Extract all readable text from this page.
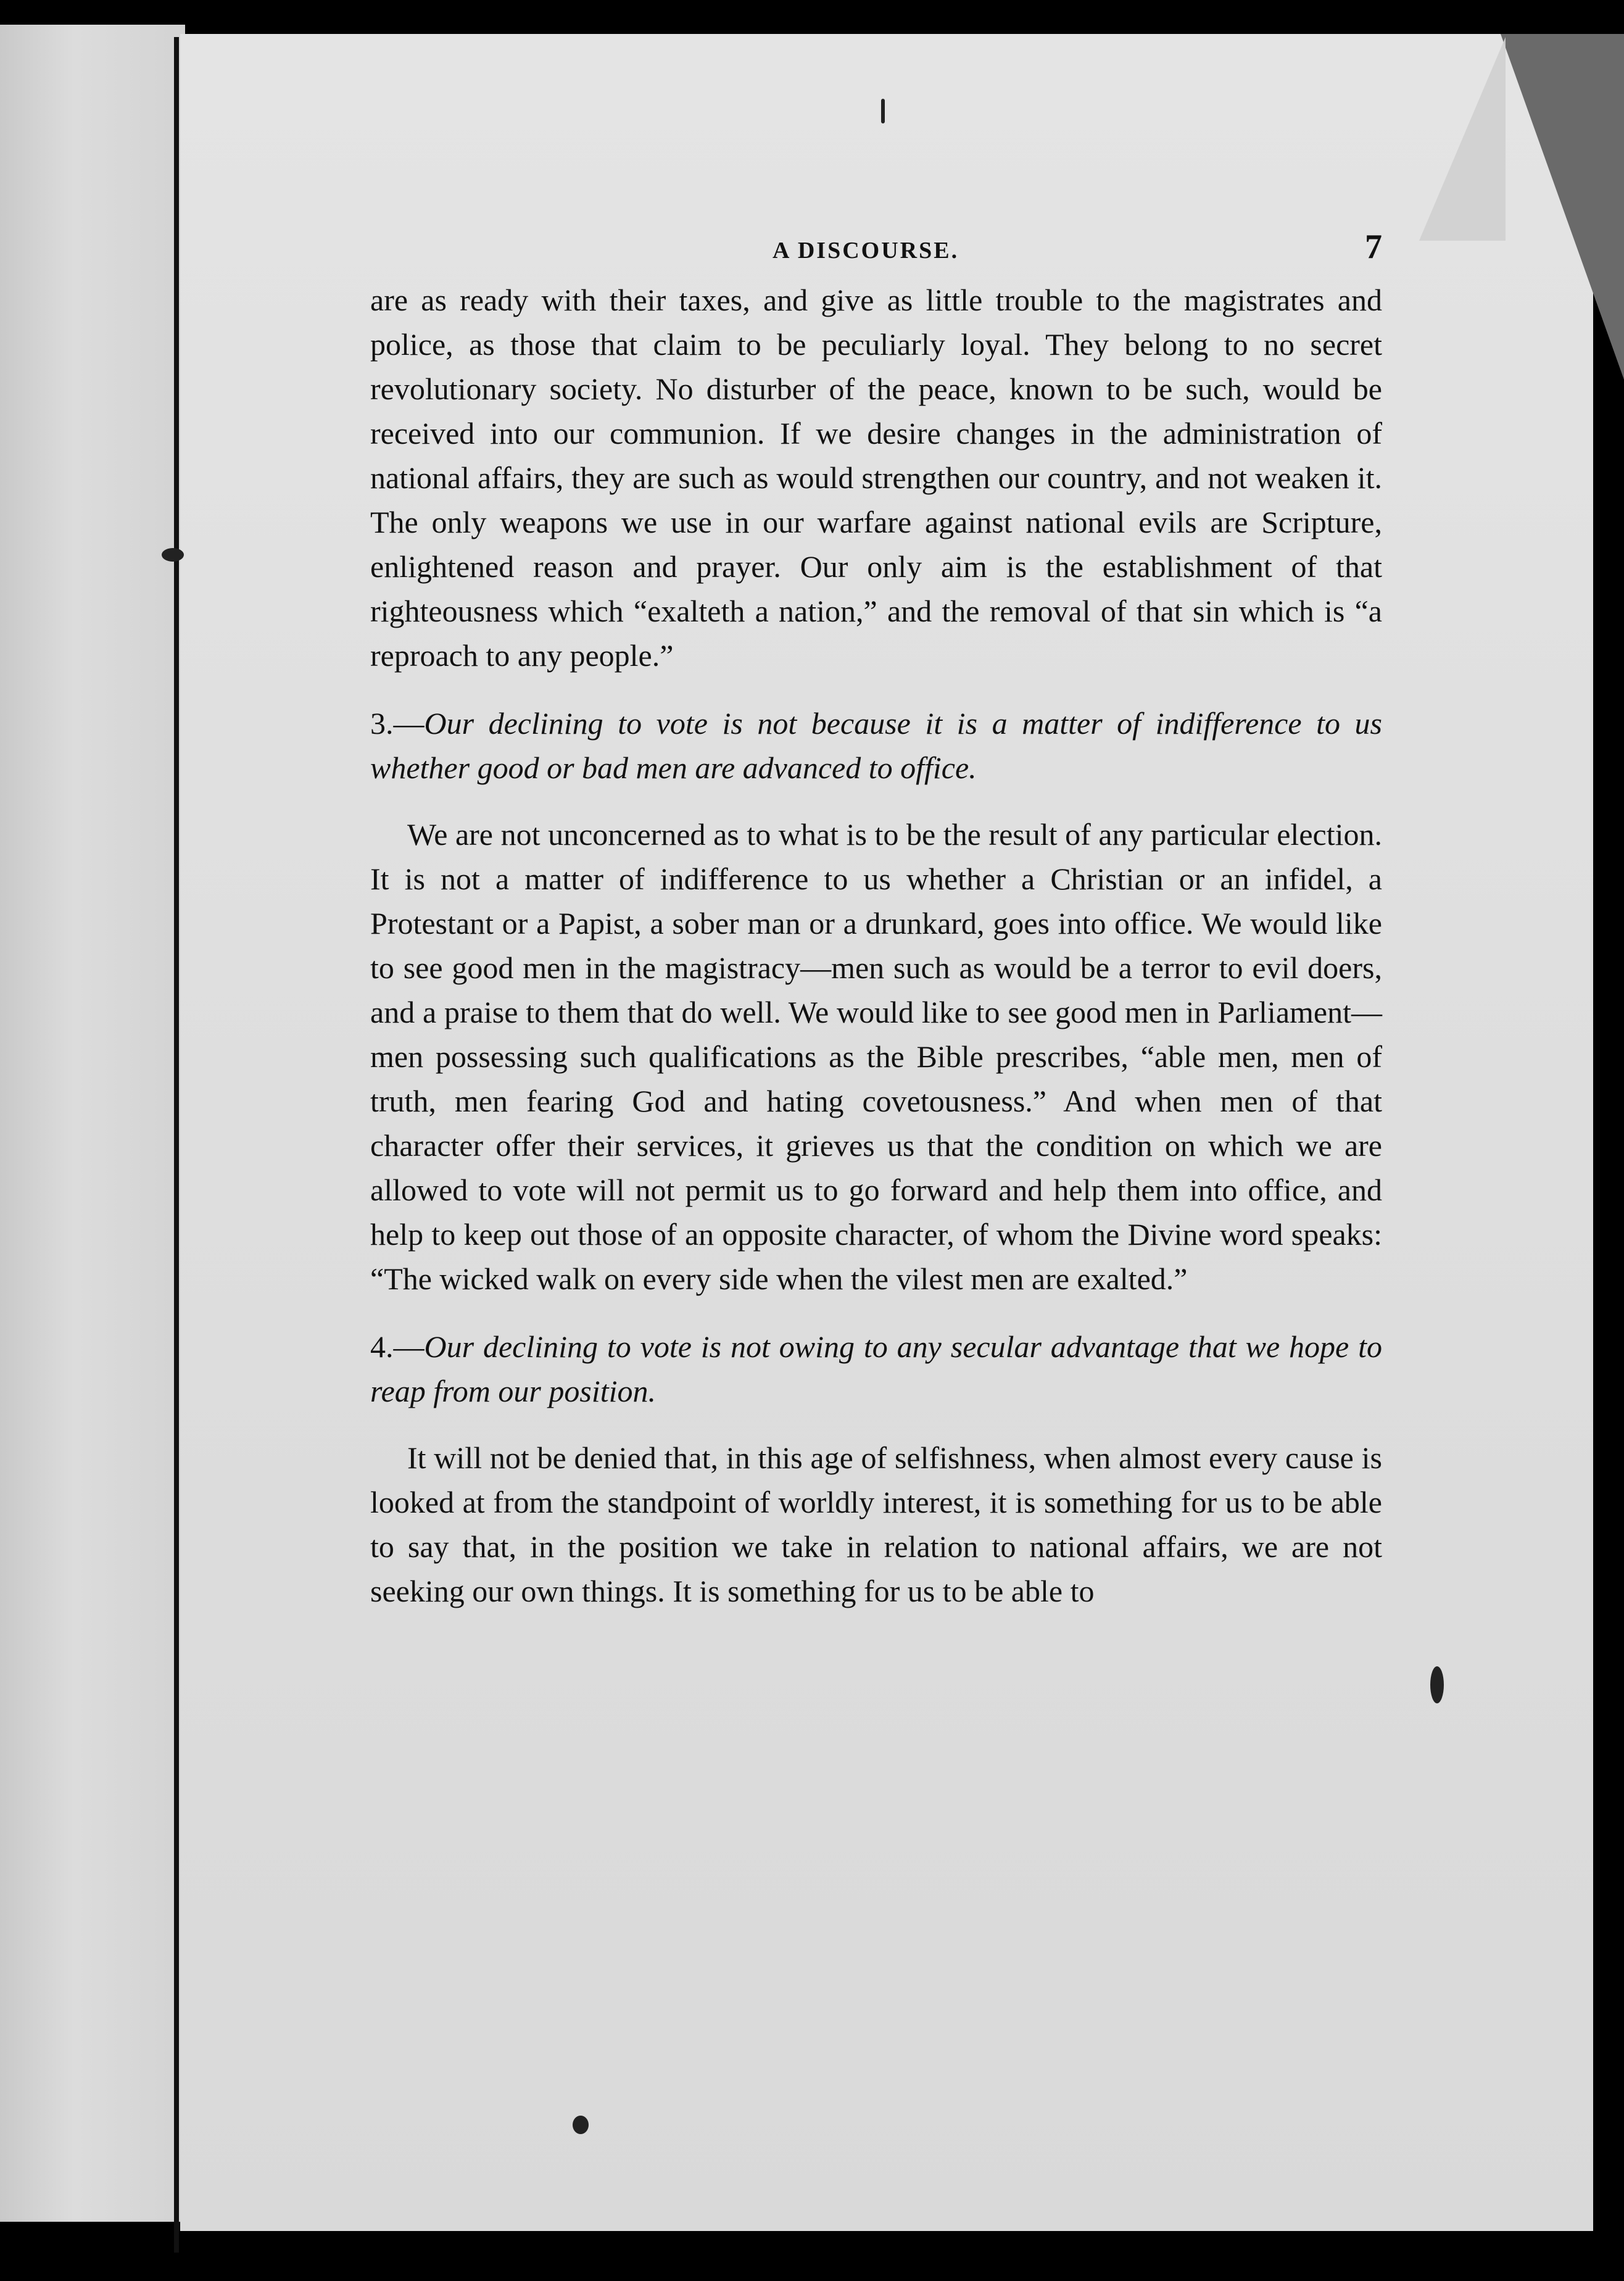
A DISCOURSE.	7

are as ready with their taxes, and give as little trouble to the magistrates and police, as those that claim to be peculiarly loyal. They belong to no secret revolutionary society. No disturber of the peace, known to be such, would be received into our communion. If we desire changes in the administration of national affairs, they are such as would strengthen our country, and not weaken it. The only weapons we use in our warfare against national evils are Scripture, enlightened reason and prayer. Our only aim is the establishment of that righteousness which “exalteth a nation,” and the removal of that sin which is “a reproach to any people.”

3.—Our declining to vote is not because it is a matter of indifference to us whether good or bad men are advanced to office.

We are not unconcerned as to what is to be the result of any particular election. It is not a matter of indifference to us whether a Christian or an infidel, a Protestant or a Papist, a sober man or a drunkard, goes into office. We would like to see good men in the magistracy—men such as would be a terror to evil doers, and a praise to them that do well. We would like to see good men in Parliament—men possessing such qualifications as the Bible prescribes, “able men, men of truth, men fearing God and hating covetousness.” And when men of that character offer their services, it grieves us that the condition on which we are allowed to vote will not permit us to go forward and help them into office, and help to keep out those of an opposite character, of whom the Divine word speaks: “The wicked walk on every side when the vilest men are exalted.”

4.—Our declining to vote is not owing to any secular advantage that we hope to reap from our position.

It will not be denied that, in this age of selfishness, when almost every cause is looked at from the standpoint of worldly interest, it is something for us to be able to say that, in the position we take in relation to national affairs, we are not seeking our own things. It is something for us to be able to
